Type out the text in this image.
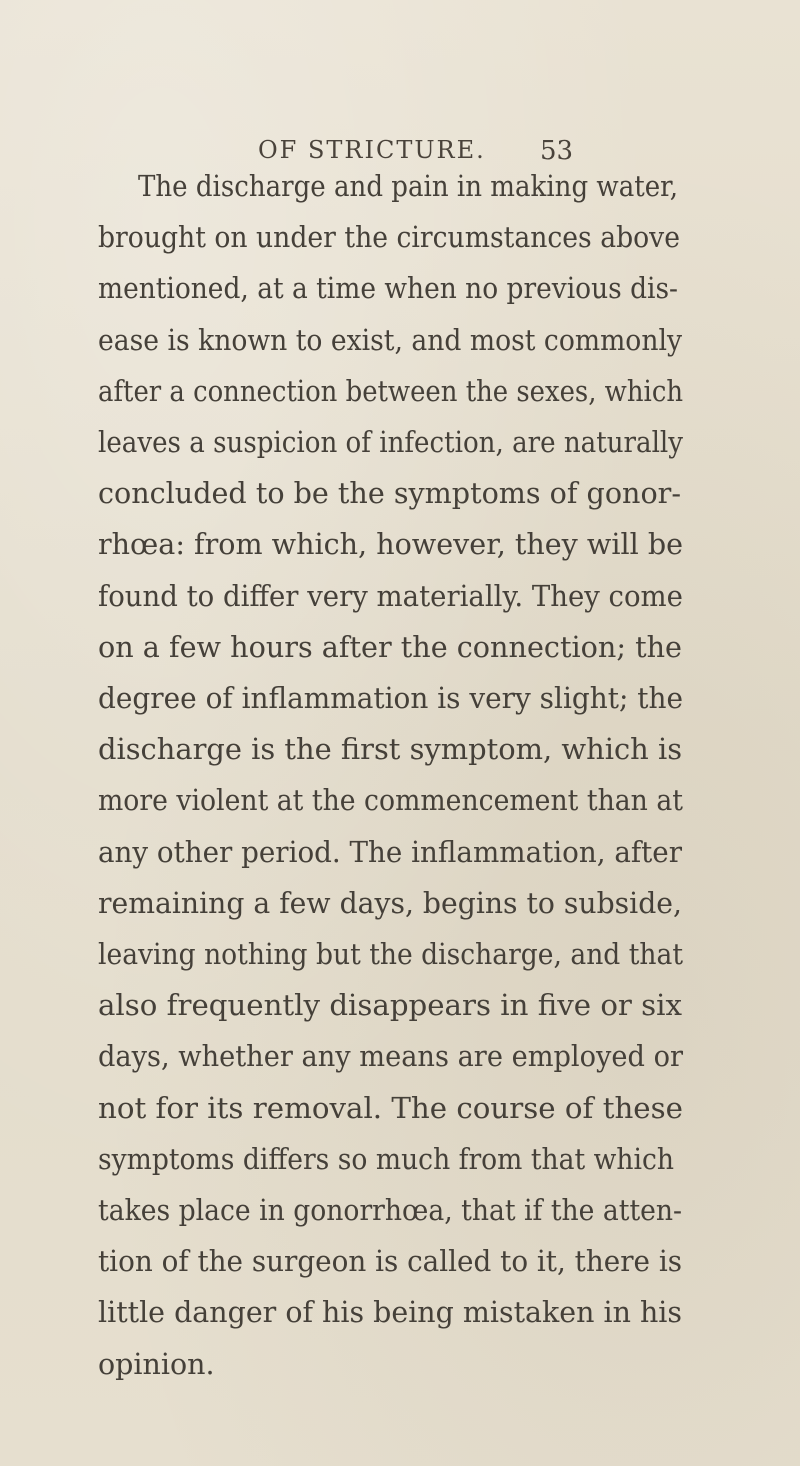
OF STRICTURE. 53
The discharge and pain in making water,
brought on under the circumstances above
mentioned, at a time when no previous dis-
ease is known to exist, and most commonly
after a connection between the sexes, which
leaves a suspicion of infection, are naturally
concluded to be the symptoms of gonor-
rhœa: from which, however, they will be
found to differ very materially. They come
on a few hours after the connection; the
degree of inflammation is very slight; the
discharge is the first symptom, which is
more violent at the commencement than at
any other period. The inflammation, after
remaining a few days, begins to subside,
leaving nothing but the discharge, and that
also frequently disappears in five or six
days, whether any means are employed or
not for its removal. The course of these
symptoms differs so much from that which
takes place in gonorrhœa, that if the atten-
tion of the surgeon is called to it, there is
little danger of his being mistaken in his
opinion.
